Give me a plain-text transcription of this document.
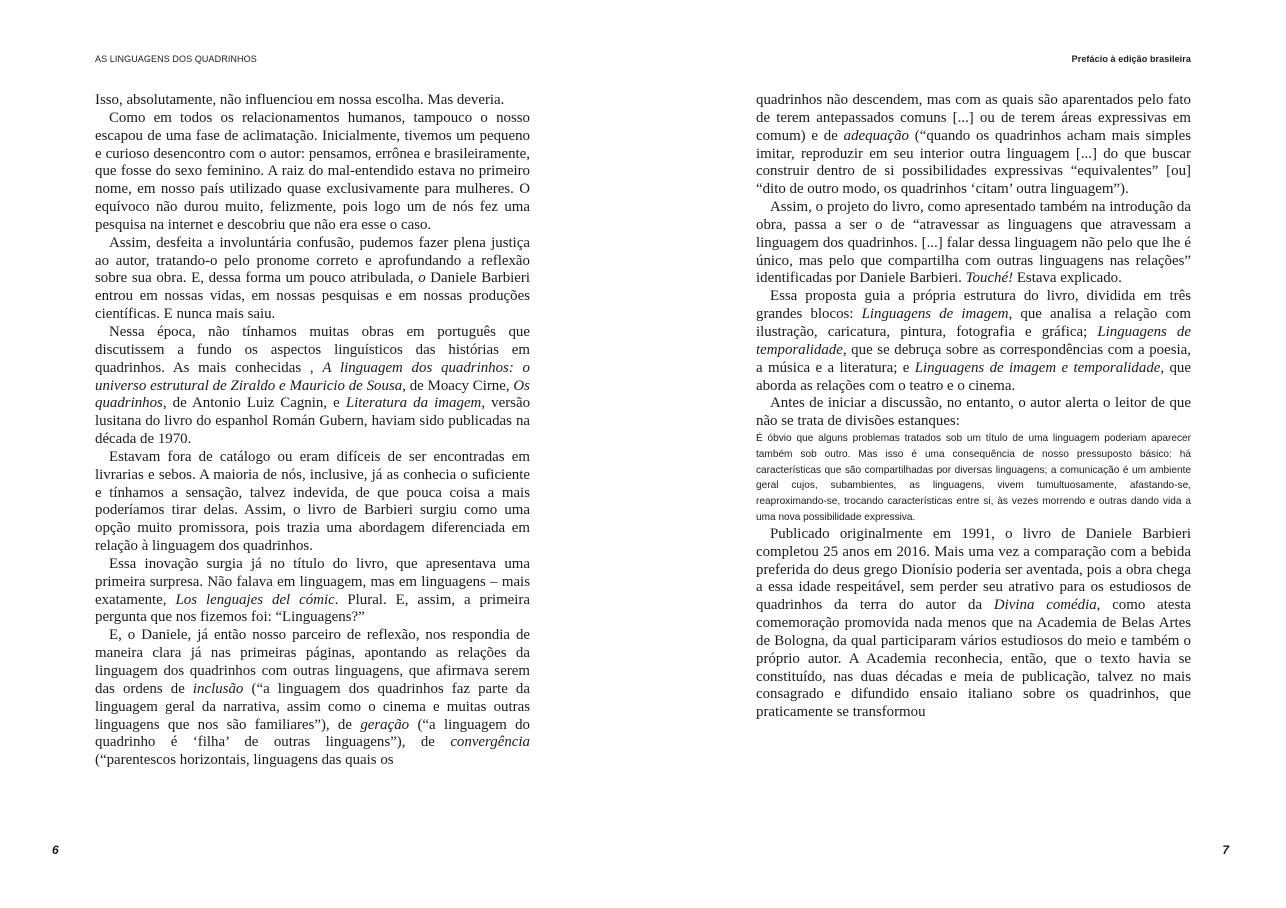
AS LINGUAGENS DOS QUADRINHOS	Prefácio à edição brasileira

Isso, absolutamente, não influenciou em nossa escolha. Mas deveria.

Como em todos os relacionamentos humanos, tampouco o nosso escapou de uma fase de aclimatação. Inicialmente, tivemos um pequeno e curioso desencontro com o autor: pensamos, errônea e brasileiramente, que fosse do sexo feminino. A raiz do mal-entendido estava no primeiro nome, em nosso país utilizado quase exclusivamente para mulheres. O equívoco não durou muito, felizmente, pois logo um de nós fez uma pesquisa na internet e descobriu que não era esse o caso.

Assim, desfeita a involuntária confusão, pudemos fazer plena justiça ao autor, tratando-o pelo pronome correto e aprofundando a reflexão sobre sua obra. E, dessa forma um pouco atribulada, o Daniele Barbieri entrou em nossas vidas, em nossas pesquisas e em nossas produções científicas. E nunca mais saiu.

Nessa época, não tínhamos muitas obras em português que discutissem a fundo os aspectos linguísticos das histórias em quadrinhos. As mais conhecidas , A linguagem dos quadrinhos: o universo estrutural de Ziraldo e Mauricio de Sousa, de Moacy Cirne, Os quadrinhos, de Antonio Luiz Cagnin, e Literatura da imagem, versão lusitana do livro do espanhol Román Gubern, haviam sido publicadas na década de 1970.

Estavam fora de catálogo ou eram difíceis de ser encontradas em livrarias e sebos. A maioria de nós, inclusive, já as conhecia o suficiente e tínhamos a sensação, talvez indevida, de que pouca coisa a mais poderíamos tirar delas. Assim, o livro de Barbieri surgiu como uma opção muito promissora, pois trazia uma abordagem diferenciada em relação à linguagem dos quadrinhos.

Essa inovação surgia já no título do livro, que apresentava uma primeira surpresa. Não falava em linguagem, mas em linguagens – mais exatamente, Los lenguajes del cómic. Plural. E, assim, a primeira pergunta que nos fizemos foi: “Linguagens?”

E, o Daniele, já então nosso parceiro de reflexão, nos respondia de maneira clara já nas primeiras páginas, apontando as relações da linguagem dos quadrinhos com outras linguagens, que afirmava serem das ordens de inclusão (“a linguagem dos quadrinhos faz parte da linguagem geral da narrativa, assim como o cinema e muitas outras linguagens que nos são familiares”), de geração (“a linguagem do quadrinho é ‘filha’ de outras linguagens”), de convergência (“parentescos horizontais, linguagens das quais os

quadrinhos não descendem, mas com as quais são aparentados pelo fato de terem antepassados comuns [...] ou de terem áreas expressivas em comum) e de adequação (“quando os quadrinhos acham mais simples imitar, reproduzir em seu interior outra linguagem [...] do que buscar construir dentro de si possibilidades expressivas “equivalentes” [ou] “dito de outro modo, os quadrinhos ‘citam’ outra linguagem”).

Assim, o projeto do livro, como apresentado também na introdução da obra, passa a ser o de “atravessar as linguagens que atravessam a linguagem dos quadrinhos. [...] falar dessa linguagem não pelo que lhe é único, mas pelo que compartilha com outras linguagens nas relações” identificadas por Daniele Barbieri. Touché! Estava explicado.

Essa proposta guia a própria estrutura do livro, dividida em três grandes blocos: Linguagens de imagem, que analisa a relação com ilustração, caricatura, pintura, fotografia e gráfica; Linguagens de temporalidade, que se debruça sobre as correspondências com a poesia, a música e a literatura; e Linguagens de imagem e temporalidade, que aborda as relações com o teatro e o cinema.

Antes de iniciar a discussão, no entanto, o autor alerta o leitor de que não se trata de divisões estanques:

É óbvio que alguns problemas tratados sob um título de uma linguagem poderiam aparecer também sob outro. Mas isso é uma consequência de nosso pressuposto básico: há características que são compartilhadas por diversas linguagens; a comunicação é um ambiente geral cujos, subambientes, as linguagens, vivem tumultuosamente, afastando-se, reaproximando-se, trocando características entre si, às vezes morrendo e outras dando vida a uma nova possibilidade expressiva.

Publicado originalmente em 1991, o livro de Daniele Barbieri completou 25 anos em 2016. Mais uma vez a comparação com a bebida preferida do deus grego Dionísio poderia ser aventada, pois a obra chega a essa idade respeitável, sem perder seu atrativo para os estudiosos de quadrinhos da terra do autor da Divina comédia, como atesta comemoração promovida nada menos que na Academia de Belas Artes de Bologna, da qual participaram vários estudiosos do meio e também o próprio autor. A Academia reconhecia, então, que o texto havia se constituído, nas duas décadas e meia de publicação, talvez no mais consagrado e difundido ensaio italiano sobre os quadrinhos, que praticamente se transformou

6	7
